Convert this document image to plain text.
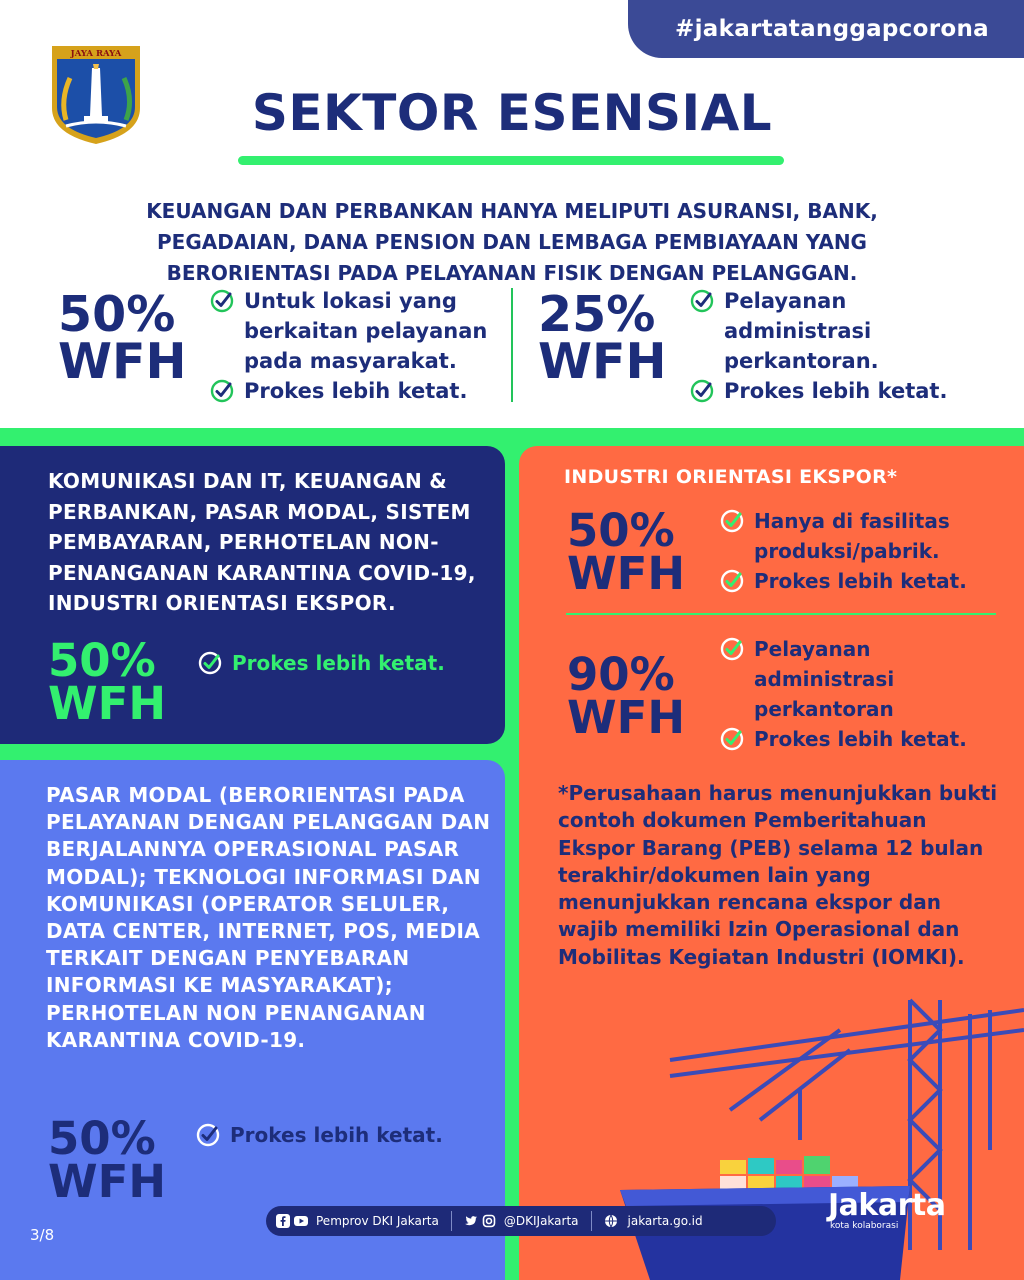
#jakartatanggapcorona
JAYA RAYA
SEKTOR ESENSIAL
KEUANGAN DAN PERBANKAN HANYA MELIPUTI ASURANSI, BANK, PEGADAIAN, DANA PENSION DAN LEMBAGA PEMBIAYAAN YANG BERORIENTASI PADA PELAYANAN FISIK DENGAN PELANGGAN.
50%
WFH
Untuk lokasi yang berkaitan pelayanan pada masyarakat.
Prokes lebih ketat.
25%
WFH
Pelayanan administrasi perkantoran.
Prokes lebih ketat.
KOMUNIKASI DAN IT, KEUANGAN & PERBANKAN, PASAR MODAL, SISTEM PEMBAYARAN, PERHOTELAN NON-PENANGANAN KARANTINA COVID-19, INDUSTRI ORIENTASI EKSPOR.
50%
WFH
Prokes lebih ketat.
PASAR MODAL (BERORIENTASI PADA PELAYANAN DENGAN PELANGGAN DAN BERJALANNYA OPERASIONAL PASAR MODAL); TEKNOLOGI INFORMASI DAN KOMUNIKASI (OPERATOR SELULER, DATA CENTER, INTERNET, POS, MEDIA TERKAIT DENGAN PENYEBARAN INFORMASI KE MASYARAKAT); PERHOTELAN NON PENANGANAN KARANTINA COVID-19.
50%
WFH
Prokes lebih ketat.
3/8
INDUSTRI ORIENTASI EKSPOR*
50%
WFH
Hanya di fasilitas produksi/pabrik.
Prokes lebih ketat.
90%
WFH
Pelayanan administrasi perkantoran
Prokes lebih ketat.
*Perusahaan harus menunjukkan bukti contoh dokumen Pemberitahuan Ekspor Barang (PEB) selama 12 bulan terakhir/dokumen lain yang menunjukkan rencana ekspor dan wajib memiliki Izin Operasional dan Mobilitas Kegiatan Industri (IOMKI).
Pemprov DKI Jakarta	@DKIJakarta	jakarta.go.id	Jakarta
kota kolaborasi
